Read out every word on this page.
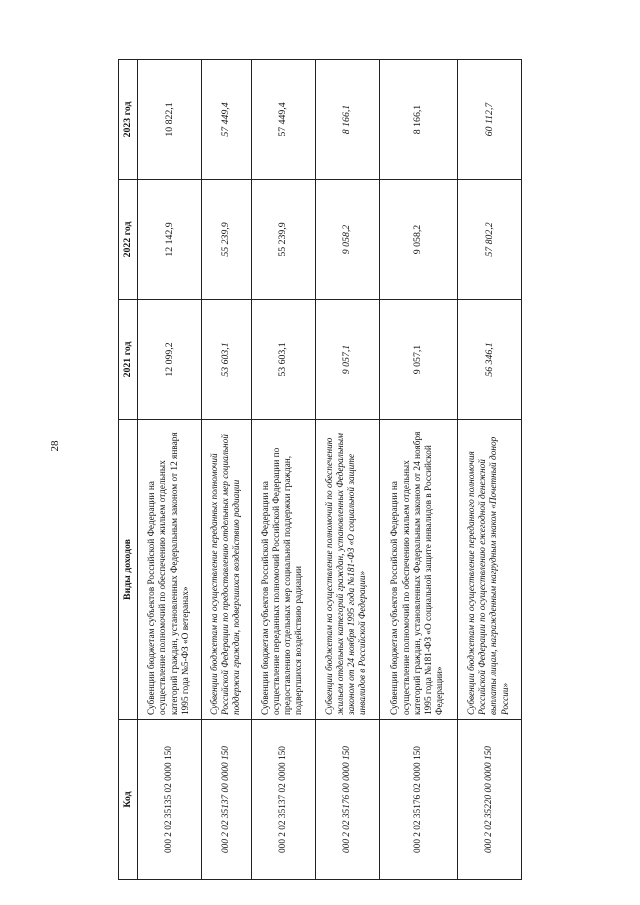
28
Код	Виды доходов	2021 год	2022 год	2023 год
000 2 02 35135 02 0000 150	Субвенции бюджетам субъектов Российской Федерации на осуществление полномочий по обеспечению жильем отдельных категорий граждан, установленных Федеральным законом от 12 января 1995 года №5-ФЗ «О ветеранах»	12 099,2	12 142,9	10 822,1
000 2 02 35137 00 0000 150	Субвенции бюджетам на осуществление переданных полномочий Российской Федерации по предоставлению отдельных мер социальной поддержки граждан, подвергшихся воздействию радиации	53 603,1	55 239,9	57 449,4
000 2 02 35137 02 0000 150	Субвенции бюджетам субъектов Российской Федерации на осуществление переданных полномочий Российской Федерации по предоставлению отдельных мер социальной поддержки граждан, подвергшихся воздействию радиации	53 603,1	55 239,9	57 449,4
000 2 02 35176 00 0000 150	Субвенции бюджетам на осуществление полномочий по обеспечению жильем отдельных категорий граждан, установленных Федеральным законом от 24 ноября 1995 года №181-ФЗ «О социальной защите инвалидов в Российской Федерации»	9 057,1	9 058,2	8 166,1
000 2 02 35176 02 0000 150	Субвенции бюджетам субъектов Российской Федерации на осуществление полномочий по обеспечению жильем отдельных категорий граждан, установленных Федеральным законом от 24 ноября 1995 года №181-ФЗ «О социальной защите инвалидов в Российской Федерации»	9 057,1	9 058,2	8 166,1
000 2 02 35220 00 0000 150	Субвенции бюджетам на осуществление переданного полномочия Российской Федерации по осуществлению ежегодной денежной выплаты лицам, награжденным нагрудным знаком «Почетный донор России»	56 346,1	57 802,2	60 112,7
